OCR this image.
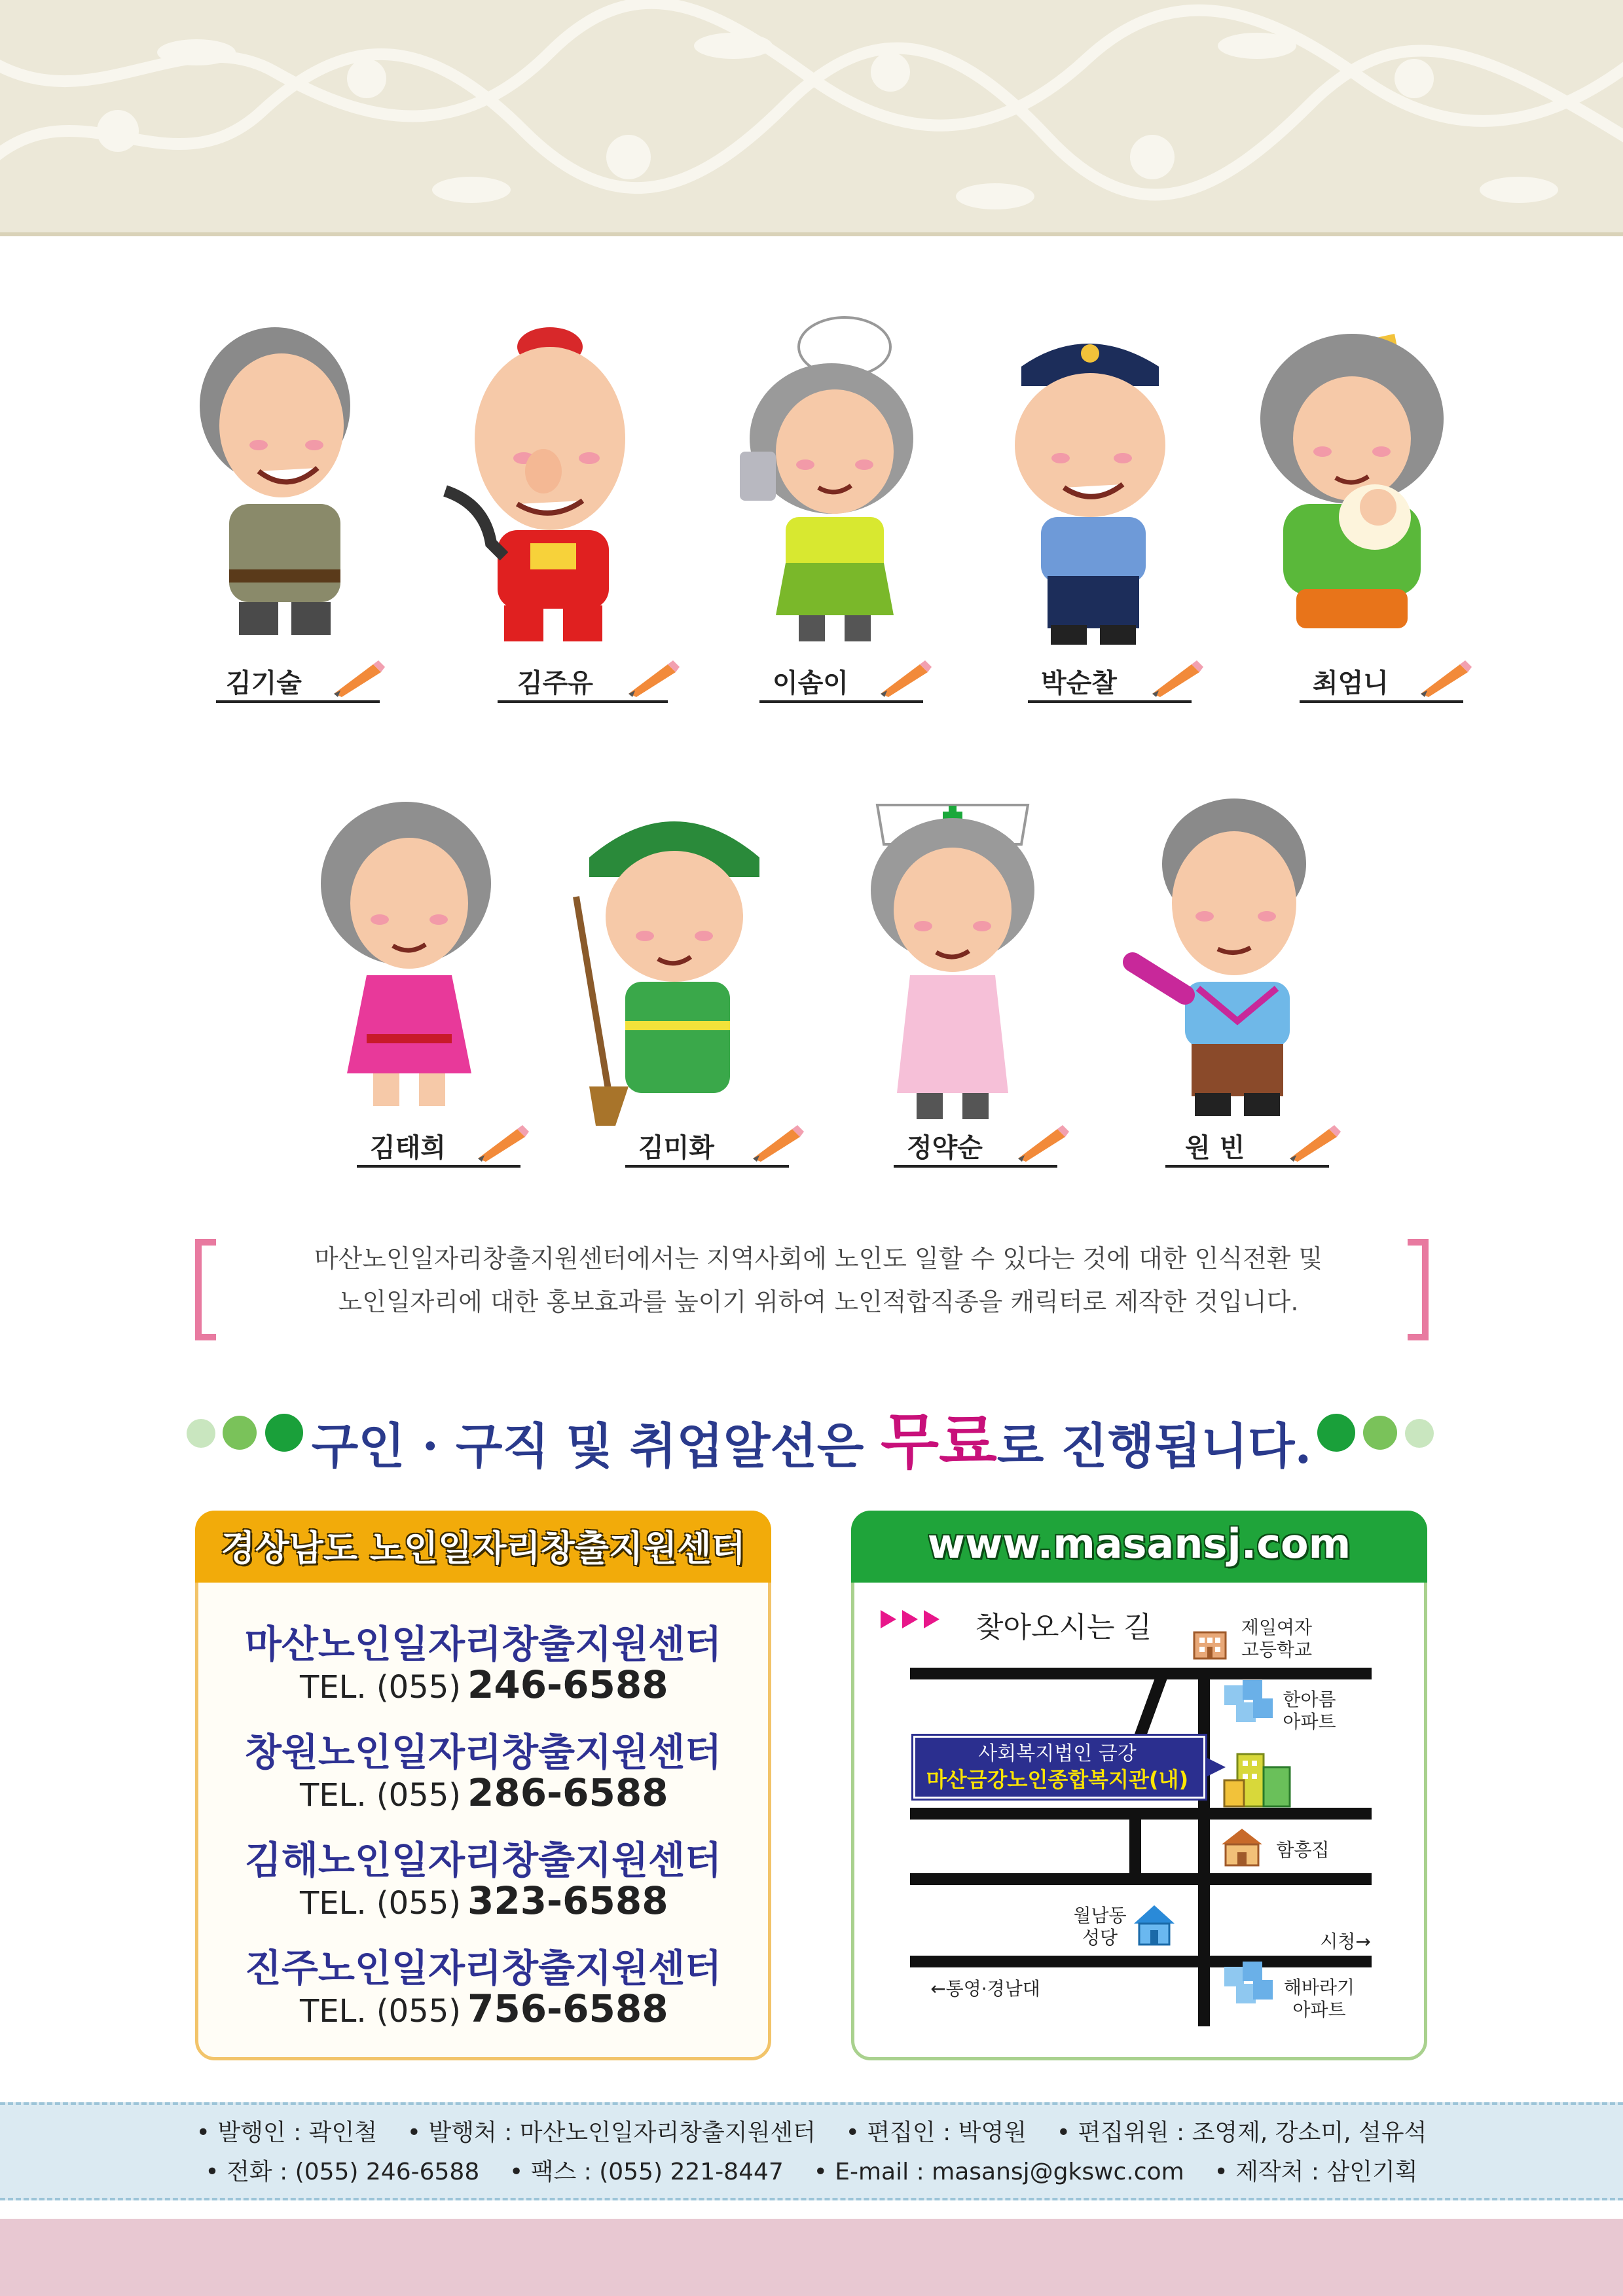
김기술	김주유	이솜이	박순찰	최엄니
김태희	김미화	정약순	원 빈
마산노인일자리창출지원센터에서는 지역사회에 노인도 일할 수 있다는 것에 대한 인식전환 및
노인일자리에 대한 홍보효과를 높이기 위하여 노인적합직종을 캐릭터로 제작한 것입니다.
구인 · 구직 및 취업알선은 무료로 진행됩니다.
경상남도 노인일자리창출지원센터
마산노인일자리창출지원센터
TEL. (055) 246-6588
창원노인일자리창출지원센터
TEL. (055) 286-6588
김해노인일자리창출지원센터
TEL. (055) 323-6588
진주노인일자리창출지원센터
TEL. (055) 756-6588
www.masansj.com
찾아오시는 길	제일여자
고등학교
한아름
아파트
함흥집
월남동
성당	시청→
해바라기
아파트
←통영·경남대
사회복지법인 금강
마산금강노인종합복지관(내)
• 발행인 : 곽인철    • 발행처 : 마산노인일자리창출지원센터    • 편집인 : 박영원    • 편집위원 : 조영제, 강소미, 설유석
• 전화 : (055) 246-6588    • 팩스 : (055) 221-8447    • E-mail : masansj@gkswc.com    • 제작처 : 삼인기획
